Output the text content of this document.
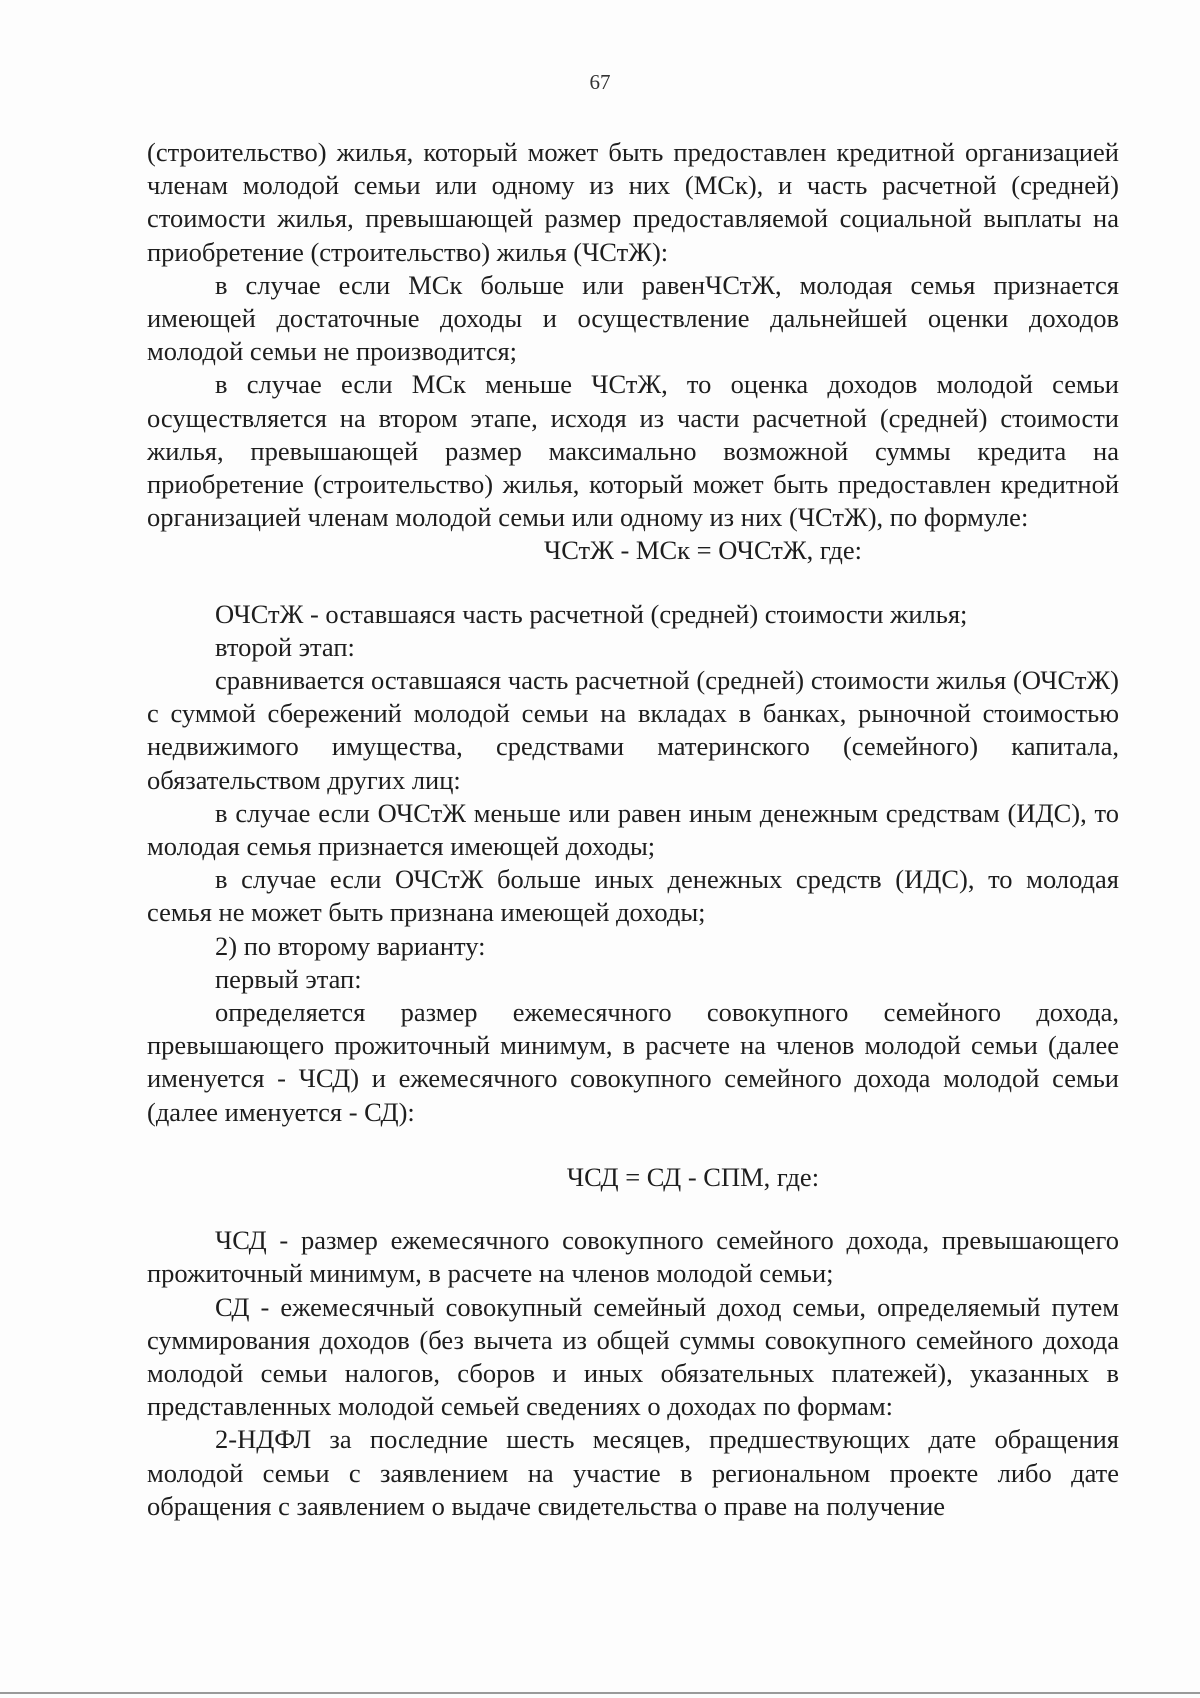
67

(строительство) жилья, который может быть предоставлен кредитной организацией членам молодой семьи или одному из них (МСк), и часть расчетной (средней) стоимости жилья, превышающей размер предоставляемой социальной выплаты на приобретение (строительство) жилья (ЧСтЖ):

в случае если МСк больше или равенЧСтЖ, молодая семья признается имеющей достаточные доходы и осуществление дальнейшей оценки доходов молодой семьи не производится;

в случае если МСк меньше ЧСтЖ, то оценка доходов молодой семьи осуществляется на втором этапе, исходя из части расчетной (средней) стоимости жилья, превышающей размер максимально возможной суммы кредита на приобретение (строительство) жилья, который может быть предоставлен кредитной организацией членам молодой семьи или одному из них (ЧСтЖ), по формуле:

ЧСтЖ - МСк = ОЧСтЖ, где:

ОЧСтЖ - оставшаяся часть расчетной (средней) стоимости жилья;

второй этап:

сравнивается оставшаяся часть расчетной (средней) стоимости жилья (ОЧСтЖ) с суммой сбережений молодой семьи на вкладах в банках, рыночной стоимостью недвижимого имущества, средствами материнского (семейного) капитала, обязательством других лиц:

в случае если ОЧСтЖ меньше или равен иным денежным средствам (ИДС), то молодая семья признается имеющей доходы;

в случае если ОЧСтЖ больше иных денежных средств (ИДС), то молодая семья не может быть признана имеющей доходы;

2) по второму варианту:

первый этап:

определяется размер ежемесячного совокупного семейного дохода, превышающего прожиточный минимум, в расчете на членов молодой семьи (далее именуется - ЧСД) и ежемесячного совокупного семейного дохода молодой семьи (далее именуется - СД):

ЧСД = СД - СПМ, где:

ЧСД - размер ежемесячного совокупного семейного дохода, превышающего прожиточный минимум, в расчете на членов молодой семьи;

СД - ежемесячный совокупный семейный доход семьи, определяемый путем суммирования доходов (без вычета из общей суммы совокупного семейного дохода молодой семьи налогов, сборов и иных обязательных платежей), указанных в представленных молодой семьей сведениях о доходах по формам:

2-НДФЛ за последние шесть месяцев, предшествующих дате обращения молодой семьи с заявлением на участие в региональном проекте либо дате обращения с заявлением о выдаче свидетельства о праве на получение
